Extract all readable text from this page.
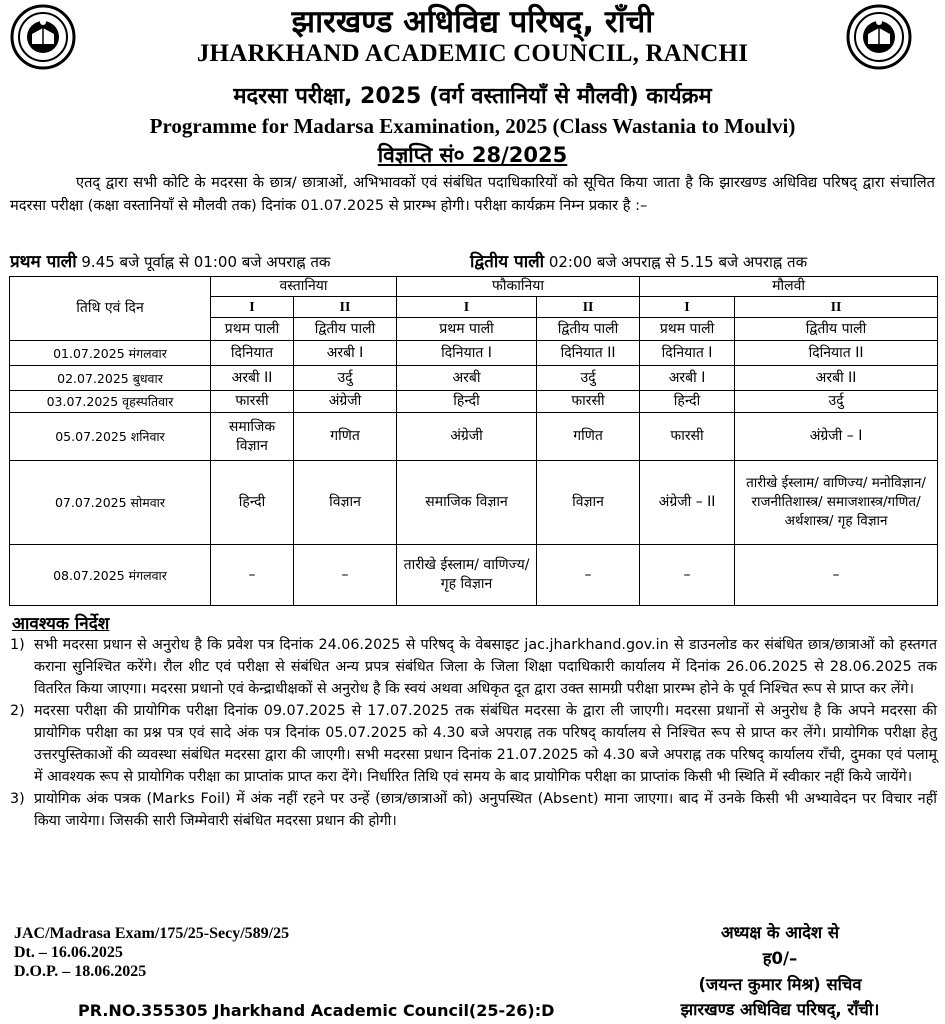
झारखण्ड अधिविद्य परिषद्, राँची
JHARKHAND ACADEMIC COUNCIL, RANCHI
मदरसा परीक्षा, 2025 (वर्ग वस्तानियाँ से मौलवी) कार्यक्रम
Programme for Madarsa Examination, 2025 (Class Wastania to Moulvi)
विज्ञप्ति सं० 28/2025
एतद् द्वारा सभी कोटि के मदरसा के छात्र/ छात्राओं, अभिभावकों एवं संबंधित पदाधिकारियों को सूचित किया जाता है कि झारखण्ड अधिविद्य परिषद् द्वारा संचालित मदरसा परीक्षा (कक्षा वस्तानियाँ से मौलवी तक) दिनांक 01.07.2025 से प्रारम्भ होगी। परीक्षा कार्यक्रम निम्न प्रकार है :–
प्रथम पाली 9.45 बजे पूर्वाह्न से 01:00 बजे अपराह्न तक	द्वितीय पाली 02:00 बजे अपराह्न से 5.15 बजे अपराह्न तक
तिथि एवं दिन	वस्तानिया		फौकानिया		मौलवी	
	I	II	I	II	I	II
	प्रथम पाली	द्वितीय पाली	प्रथम पाली	द्वितीय पाली	प्रथम पाली	द्वितीय पाली
01.07.2025 मंगलवार	दिनियात	अरबी I	दिनियात I	दिनियात II	दिनियात I	दिनियात II
02.07.2025 बुधवार	अरबी II	उर्दु	अरबी	उर्दु	अरबी I	अरबी II
03.07.2025 वृहस्पतिवार	फारसी	अंग्रेजी	हिन्दी	फारसी	हिन्दी	उर्दु
05.07.2025 शनिवार	समाजिक विज्ञान	गणित	अंग्रेजी	गणित	फारसी	अंग्रेजी – I
07.07.2025 सोमवार	हिन्दी	विज्ञान	समाजिक विज्ञान	विज्ञान	अंग्रेजी – II	तारीखे ईस्लाम/ वाणिज्य/ मनोविज्ञान/ राजनीतिशास्त्र/ समाजशास्त्र/गणित/ अर्थशास्त्र/ गृह विज्ञान
08.07.2025 मंगलवार	–	–	तारीखे ईस्लाम/ वाणिज्य/ गृह विज्ञान	–	–	–
आवश्यक निर्देश
1) सभी मदरसा प्रधान से अनुरोध है कि प्रवेश पत्र दिनांक 24.06.2025 से परिषद् के वेबसाइट jac.jharkhand.gov.in से डाउनलोड कर संबंधित छात्र/छात्राओं को हस्तगत कराना सुनिश्चित करेंगे। रौल शीट एवं परीक्षा से संबंधित अन्य प्रपत्र संबंधित जिला के जिला शिक्षा पदाधिकारी कार्यालय में दिनांक 26.06.2025 से 28.06.2025 तक वितरित किया जाएगा। मदरसा प्रधानो एवं केन्द्राधीक्षकों से अनुरोध है कि स्वयं अथवा अधिकृत दूत द्वारा उक्त सामग्री परीक्षा प्रारम्भ होने के पूर्व निश्चित रूप से प्राप्त कर लेंगे।
2) मदरसा परीक्षा की प्रायोगिक परीक्षा दिनांक 09.07.2025 से 17.07.2025 तक संबंधित मदरसा के द्वारा ली जाएगी। मदरसा प्रधानों से अनुरोध है कि अपने मदरसा की प्रायोगिक परीक्षा का प्रश्न पत्र एवं सादे अंक पत्र दिनांक 05.07.2025 को 4.30 बजे अपराह्न तक परिषद् कार्यालय से निश्चित रूप से प्राप्त कर लेंगे। प्रायोगिक परीक्षा हेतु उत्तरपुस्तिकाओं की व्यवस्था संबंधित मदरसा द्वारा की जाएगी। सभी मदरसा प्रधान दिनांक 21.07.2025 को 4.30 बजे अपराह्न तक परिषद् कार्यालय राँची, दुमका एवं पलामू में आवश्यक रूप से प्रायोगिक परीक्षा का प्राप्तांक प्राप्त करा देंगे। निर्धारित तिथि एवं समय के बाद प्रायोगिक परीक्षा का प्राप्तांक किसी भी स्थिति में स्वीकार नहीं किये जायेंगे।
3) प्रायोगिक अंक पत्रक (Marks Foil) में अंक नहीं रहने पर उन्हें (छात्र/छात्राओं को) अनुपस्थित (Absent) माना जाएगा। बाद में उनके किसी भी अभ्यावेदन पर विचार नहीं किया जायेगा। जिसकी सारी जिम्मेवारी संबंधित मदरसा प्रधान की होगी।
JAC/Madrasa Exam/175/25-Secy/589/25
Dt. – 16.06.2025
D.O.P. – 18.06.2025
अध्यक्ष के आदेश से
ह0/–
(जयन्त कुमार मिश्र) सचिव
झारखण्ड अधिविद्य परिषद्, राँची।
PR.NO.355305 Jharkhand Academic Council(25-26):D
